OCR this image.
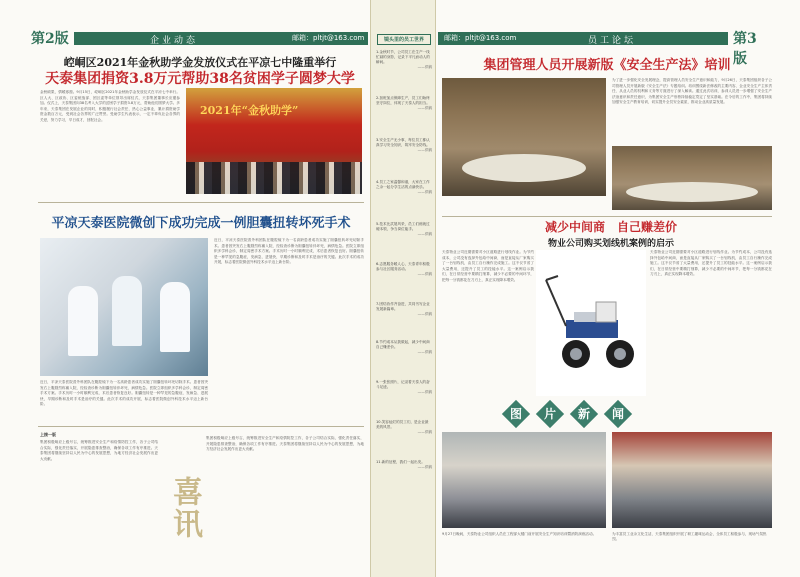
第2版	企业动态	邮箱：pltjt@163.com
崆峒区2021年金秋助学金发放仪式在平凉七中隆重举行
天泰集团捐资3.8万元帮助38名贫困学子圆梦大学
金秋硕果，情暖寒窗。9月15日，崆峒区2021年金秋助学金发放仪式在平凉七中举行。区人大、区政协、区委统战部、团区委等单位领导出席仪式，天泰集团董事长应邀参加。仪式上，天泰集团向38名考入大学的贫困学子捐资3.8万元，帮助他们圆梦大学。多年来，天泰集团在发展企业的同时，积极履行社会责任，热心公益事业，累计捐资助学资金数百万元，受到社会各界的广泛赞誉。受助学生代表表示，一定不辜负社会各界的关爱，努力学习，早日成才，回报社会。
2021年“金秋助学”
平凉天泰医院微创下成功完成一例胆囊扭转坏死手术
近日，平凉天泰医院普外科团队在腹腔镜下为一名高龄患者成功实施了胆囊扭转坏死切除手术。患者因突发右上腹剧烈疼痛入院，经检查诊断为胆囊扭转伴坏死，病情危急。医院立即组织多学科会诊，制定周密手术方案。手术历时一小时顺利完成，术后患者恢复良好。胆囊扭转是一种罕见的急腹症，发病急、进展快，早期诊断和及时手术是治疗的关键。此次手术的成功开展，标志着医院微创外科技术水平迈上新台阶。
近日，平凉天泰医院普外科团队在腹腔镜下为一名高龄患者成功实施了胆囊扭转坏死切除手术。患者因突发右上腹剧烈疼痛入院，经检查诊断为胆囊扭转伴坏死，病情危急。医院立即组织多学科会诊，制定周密手术方案。手术历时一小时顺利完成，术后患者恢复良好。胆囊扭转是一种罕见的急腹症，发病急、进展快，早期诊断和及时手术是治疗的关键。此次手术的成功开展，标志着医院微创外科技术水平迈上新台阶。
上接一版
集团积极响应上级号召，统筹推进安全生产和疫情防控工作，各子公司结合实际，强化责任落实，开展隐患排查整治，确保各项工作有序推进。天泰集团将继续坚持以人民为中心的发展思想，为地方经济社会发展作出更大贡献。
喜讯
集团积极响应上级号召，统筹推进安全生产和疫情防控工作，各子公司结合实际，强化责任落实，开展隐患排查整治，确保各项工作有序推进。天泰集团将继续坚持以人民为中心的发展思想，为地方经济社会发展作出更大贡献。
镜头里的员工世界
1.金秋时节，公司员工在生产一线忙碌的身影，记录下平凡而动人的瞬间。
——供稿
2.加班加点保障生产，员工们始终坚守岗位，体现了天泰人的担当。
——供稿
3.安全生产无小事，每位员工都认真学习安全知识，筑牢安全防线。
——供稿
4.员工之家温馨和谐，大家在工作之余一起分享生活的点滴快乐。
——供稿
5.技术比武展风采，员工们练就过硬本领，争当岗位能手。
——供稿
6.志愿服务暖人心，天泰青年积极参与社区服务活动。
——供稿
7.团结协作齐奋进，共同书写企业发展新篇章。
——供稿
8.节约成本从我做起，减少中间商自己赚差价。
——供稿
9.一张张照片，记录着天泰人的奋斗足迹。
——供稿
10.笑容灿烂的员工们，是企业最美的风景。
——供稿
11.新的征程，我们一起出发。
——供稿
邮箱：pltjt@163.com	员工论坛	第3版
集团管理人员开展新版《安全生产法》培训
为了进一步强化安全发展理念，提高管理人员安全生产意识和能力，9月26日，天泰集团组织各子公司管理人员开展新版《安全生产法》专题培训。培训围绕新法修改的主要内容、企业安全生产主体责任、从业人员的权利和义务等方面进行了深入解读。通过此次培训，参训人员进一步增强了安全生产法治意识和责任意识，为集团安全生产形势持续稳定奠定了坚实基础。在今后的工作中，集团将持续加强安全生产教育培训，切实提升全员安全素质，推动企业高质量发展。
减少中间商　自己赚差价
物业公司购买划线机案例的启示
天泰物业公司近期需要对小区道路进行划线作业。为节约成本，公司没有选择外包给中间商，而是直接从厂家购买了一台划线机，由员工自行操作完成施工。这不仅节省了大量费用，还提升了员工的技能水平。这一案例启示我们，在日常经营中要精打细算，减少不必要的中间环节，把每一分钱都花在刀刃上，真正实现降本增效。
天泰物业公司近期需要对小区道路进行划线作业。为节约成本，公司没有选择外包给中间商，而是直接从厂家购买了一台划线机，由员工自行操作完成施工。这不仅节省了大量费用，还提升了员工的技能水平。这一案例启示我们，在日常经营中要精打细算，减少不必要的中间环节，把每一分钱都花在刀刃上，真正实现降本增效。
图	片	新	闻
9月27日晚间，天泰物业公司组织人员在工程部大楼门前开展安全生产知识培训暨消防演练活动。	为丰富员工业余文化生活，天泰集团组织开展了职工趣味运动会，全体员工积极参与，现场气氛热烈。
